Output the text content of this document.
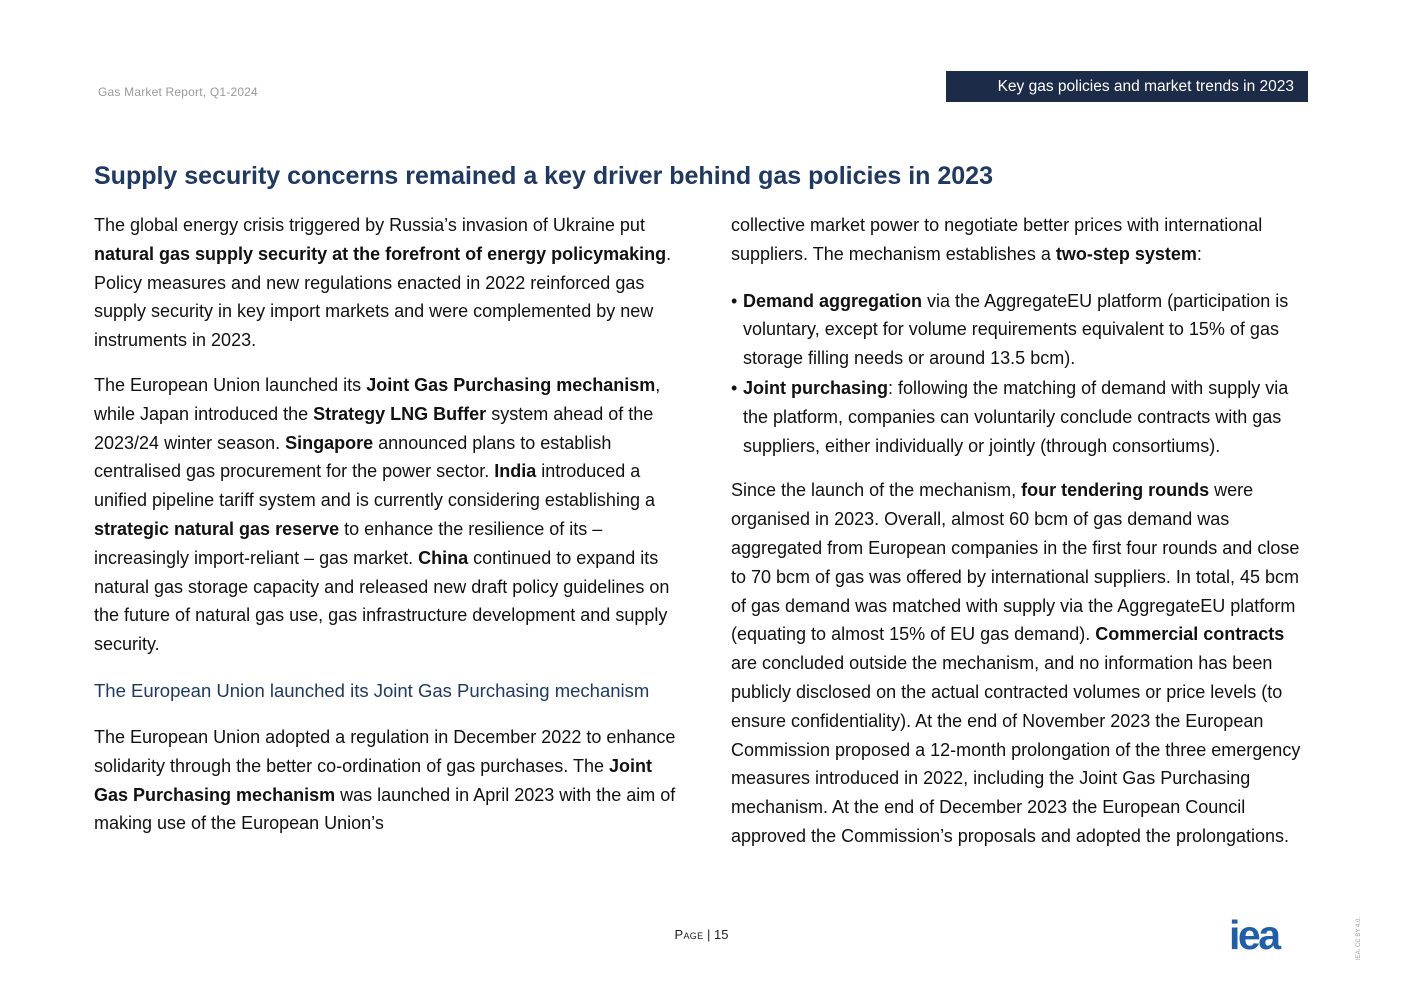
Gas Market Report, Q1-2024	Key gas policies and market trends in 2023
Supply security concerns remained a key driver behind gas policies in 2023

The global energy crisis triggered by Russia’s invasion of Ukraine put natural gas supply security at the forefront of energy policymaking. Policy measures and new regulations enacted in 2022 reinforced gas supply security in key import markets and were complemented by new instruments in 2023.

The European Union launched its Joint Gas Purchasing mechanism, while Japan introduced the Strategy LNG Buffer system ahead of the 2023/24 winter season. Singapore announced plans to establish centralised gas procurement for the power sector. India introduced a unified pipeline tariff system and is currently considering establishing a strategic natural gas reserve to enhance the resilience of its – increasingly import-reliant – gas market. China continued to expand its natural gas storage capacity and released new draft policy guidelines on the future of natural gas use, gas infrastructure development and supply security.

The European Union launched its Joint Gas Purchasing mechanism

The European Union adopted a regulation in December 2022 to enhance solidarity through the better co-ordination of gas purchases. The Joint Gas Purchasing mechanism was launched in April 2023 with the aim of making use of the European Union’s

collective market power to negotiate better prices with international suppliers. The mechanism establishes a two-step system:

• Demand aggregation via the AggregateEU platform (participation is voluntary, except for volume requirements equivalent to 15% of gas storage filling needs or around 13.5 bcm).
• Joint purchasing: following the matching of demand with supply via the platform, companies can voluntarily conclude contracts with gas suppliers, either individually or jointly (through consortiums).

Since the launch of the mechanism, four tendering rounds were organised in 2023. Overall, almost 60 bcm of gas demand was aggregated from European companies in the first four rounds and close to 70 bcm of gas was offered by international suppliers. In total, 45 bcm of gas demand was matched with supply via the AggregateEU platform (equating to almost 15% of EU gas demand). Commercial contracts are concluded outside the mechanism, and no information has been publicly disclosed on the actual contracted volumes or price levels (to ensure confidentiality). At the end of November 2023 the European Commission proposed a 12-month prolongation of the three emergency measures introduced in 2022, including the Joint Gas Purchasing mechanism. At the end of December 2023 the European Council approved the Commission’s proposals and adopted the prolongations.

Page | 15	iea	IEA. CC BY 4.0.
